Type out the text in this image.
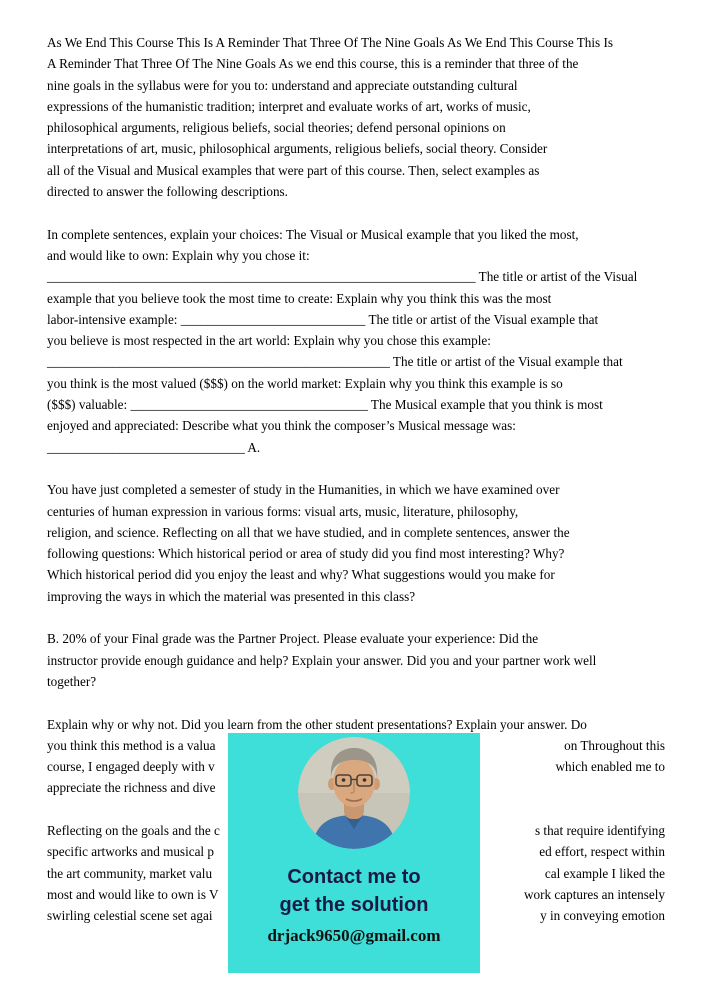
As We End This Course This Is A Reminder That Three Of The Nine Goals As We End This Course This Is
A Reminder That Three Of The Nine Goals As we end this course, this is a reminder that three of the
nine goals in the syllabus were for you to: understand and appreciate outstanding cultural
expressions of the humanistic tradition; interpret and evaluate works of art, works of music,
philosophical arguments, religious beliefs, social theories; defend personal opinions on
interpretations of art, music, philosophical arguments, religious beliefs, social theory. Consider
all of the Visual and Musical examples that were part of this course. Then, select examples as
directed to answer the following descriptions.
In complete sentences, explain your choices: The Visual or Musical example that you liked the most,
and would like to own: Explain why you chose it:
_________________________________________________________________ The title or artist of the Visual
example that you believe took the most time to create: Explain why you think this was the most
labor-intensive example: ____________________________ The title or artist of the Visual example that
you believe is most respected in the art world: Explain why you chose this example:
____________________________________________________ The title or artist of the Visual example that
you think is the most valued ($$$) on the world market: Explain why you think this example is so
($$$) valuable: ____________________________________ The Musical example that you think is most
enjoyed and appreciated: Describe what you think the composer’s Musical message was:
______________________________ A.
You have just completed a semester of study in the Humanities, in which we have examined over
centuries of human expression in various forms: visual arts, music, literature, philosophy,
religion, and science. Reflecting on all that we have studied, and in complete sentences, answer the
following questions: Which historical period or area of study did you find most interesting? Why?
Which historical period did you enjoy the least and why? What suggestions would you make for
improving the ways in which the material was presented in this class?
B. 20% of your Final grade was the Partner Project. Please evaluate your experience: Did the
instructor provide enough guidance and help? Explain your answer. Did you and your partner work well
together?
Explain why or why not. Did you learn from the other student presentations? Explain your answer. Do
you think this method is a valua	on Throughout this
course, I engaged deeply with v	which enabled me to
appreciate the richness and dive
Reflecting on the goals and the c	s that require identifying
specific artworks and musical p	ed effort, respect within
the art community, market valu	cal example I liked the
most and would like to own is V	work captures an intensely
swirling celestial scene set agai	y in conveying emotion
Contact me to
get the solution
drjack9650@gmail.com
